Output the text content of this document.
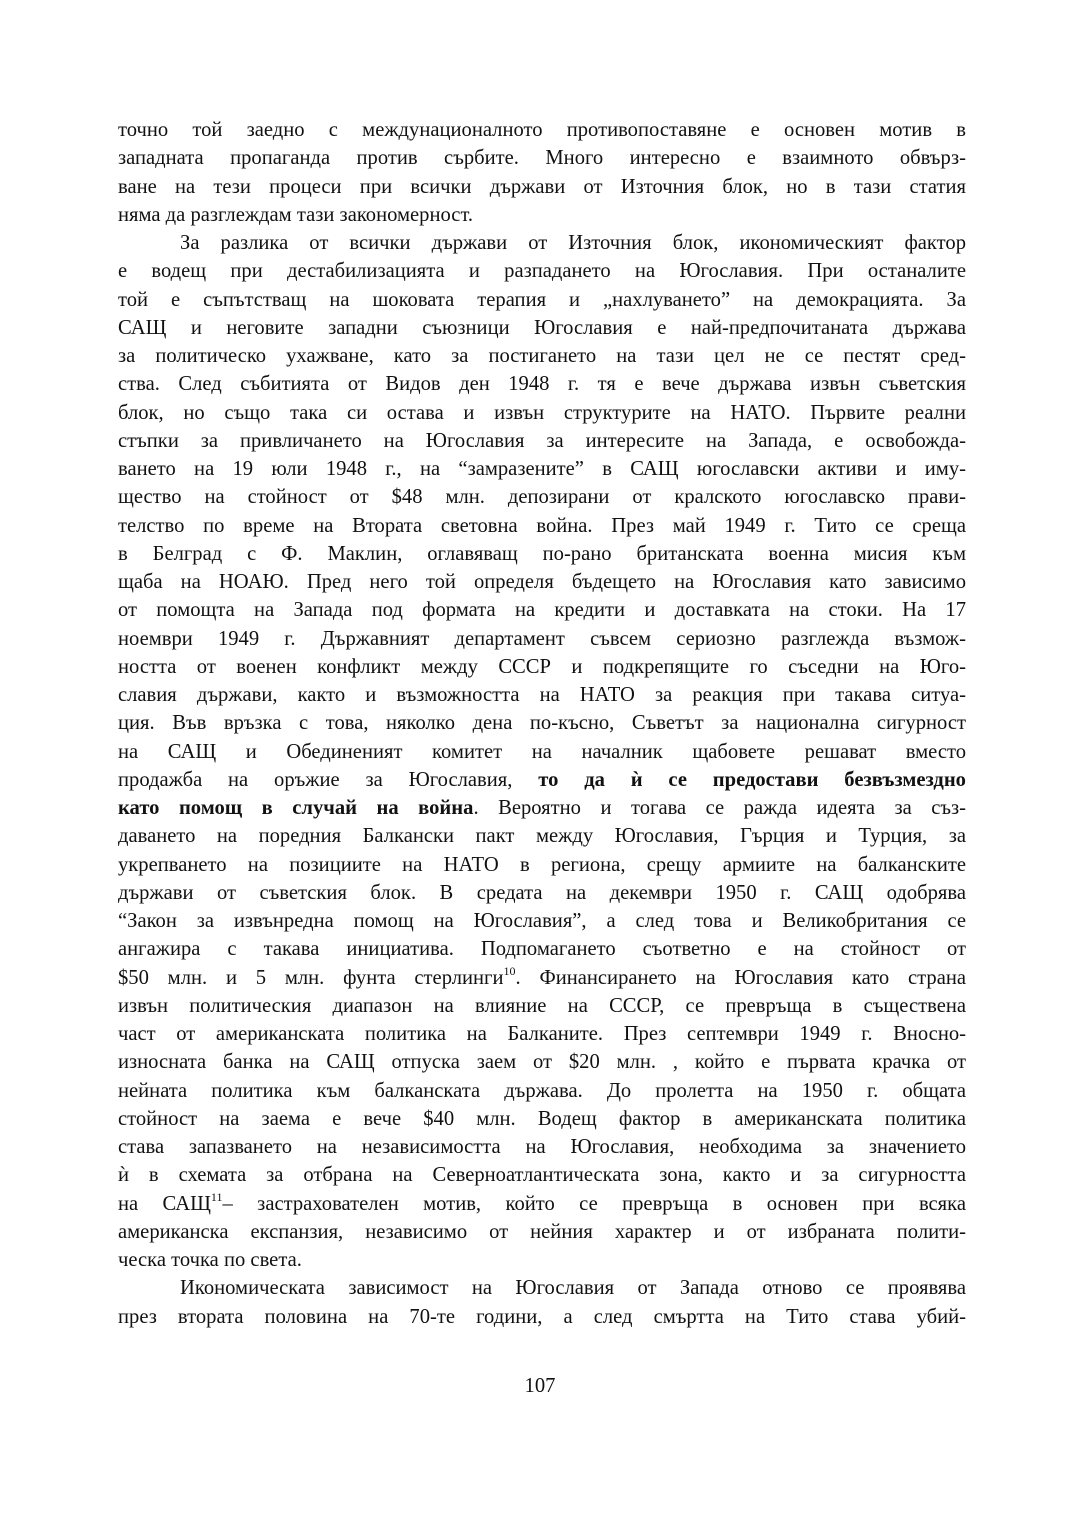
точно той заедно с междунационалното противопоставяне е основен мотив в
западната пропаганда против сърбите. Много интересно е взаимното обвърз-
ване на тези процеси при всички държави от Източния блок, но в тази статия
няма да разглеждам тази закономерност.
За разлика от всички държави от Източния блок, икономическият фактор
е водещ при дестабилизацията и разпадането на Югославия. При останалите
той е съпътстващ на шоковата терапия и „нахлуването” на демокрацията. За
САЩ и неговите западни съюзници Югославия е най-предпочитаната държава
за политическо ухажване, като за постигането на тази цел не се пестят сред-
ства. След събитията от Видов ден 1948 г. тя е вече държава извън съветския
блок, но също така си остава и извън структурите на НАТО. Първите реални
стъпки за привличането на Югославия за интересите на Запада, е освобожда-
ването на 19 юли 1948 г., на “замразените” в САЩ югославски активи и иму-
щество на стойност от $48 млн. депозирани от кралското югославско прави-
телство по време на Втората световна война. През май 1949 г. Тито се среща
в Белград с Ф. Маклин, оглавяващ по-рано британската военна мисия към
щаба на НОАЮ. Пред него той определя бъдещето на Югославия като зависимо
от помощта на Запада под формата на кредити и доставката на стоки. На 17
ноември 1949 г. Държавният департамент съвсем сериозно разглежда възмож-
ността от военен конфликт между СССР и подкрепящите го съседни на Юго-
славия държави, както и възможността на НАТО за реакция при такава ситуа-
ция. Във връзка с това, няколко дена по-късно, Съветът за национална сигурност
на САЩ и Обединеният комитет на началник щабовете решават вместо
продажба на оръжие за Югославия, то да ѝ се предостави безвъзмездно
като помощ в случай на война. Вероятно и тогава се ражда идеята за съз-
даването на поредния Балкански пакт между Югославия, Гърция и Турция, за
укрепването на позициите на НАТО в региона, срещу армиите на балканските
държави от съветския блок. В средата на декември 1950 г. САЩ одобрява
“Закон за извънредна помощ на Югославия”, а след това и Великобритания се
ангажира с такава инициатива. Подпомагането съответно е на стойност от
$50 млн. и 5 млн. фунта стерлинги$^{10}$. Финансирането на Югославия като страна
извън политическия диапазон на влияние на СССР, се превръща в съществена
част от американската политика на Балканите. През септември 1949 г. Вносно-
износната банка на САЩ отпуска заем от $20 млн. , който е първата крачка от
нейната политика към балканската държава. До пролетта на 1950 г. общата
стойност на заема е вече $40 млн. Водещ фактор в американската политика
става запазването на независимостта на Югославия, необходима за значението
ѝ в схемата за отбрана на Северноатлантическата зона, както и за сигурността
на САЩ$^{11}$– застрахователен мотив, който се превръща в основен при всяка
американска експанзия, независимо от нейния характер и от избраната полити-
ческа точка по света.
Икономическата зависимост на Югославия от Запада отново се проявява
през втората половина на 70-те години, а след смъртта на Тито става убий-
107
